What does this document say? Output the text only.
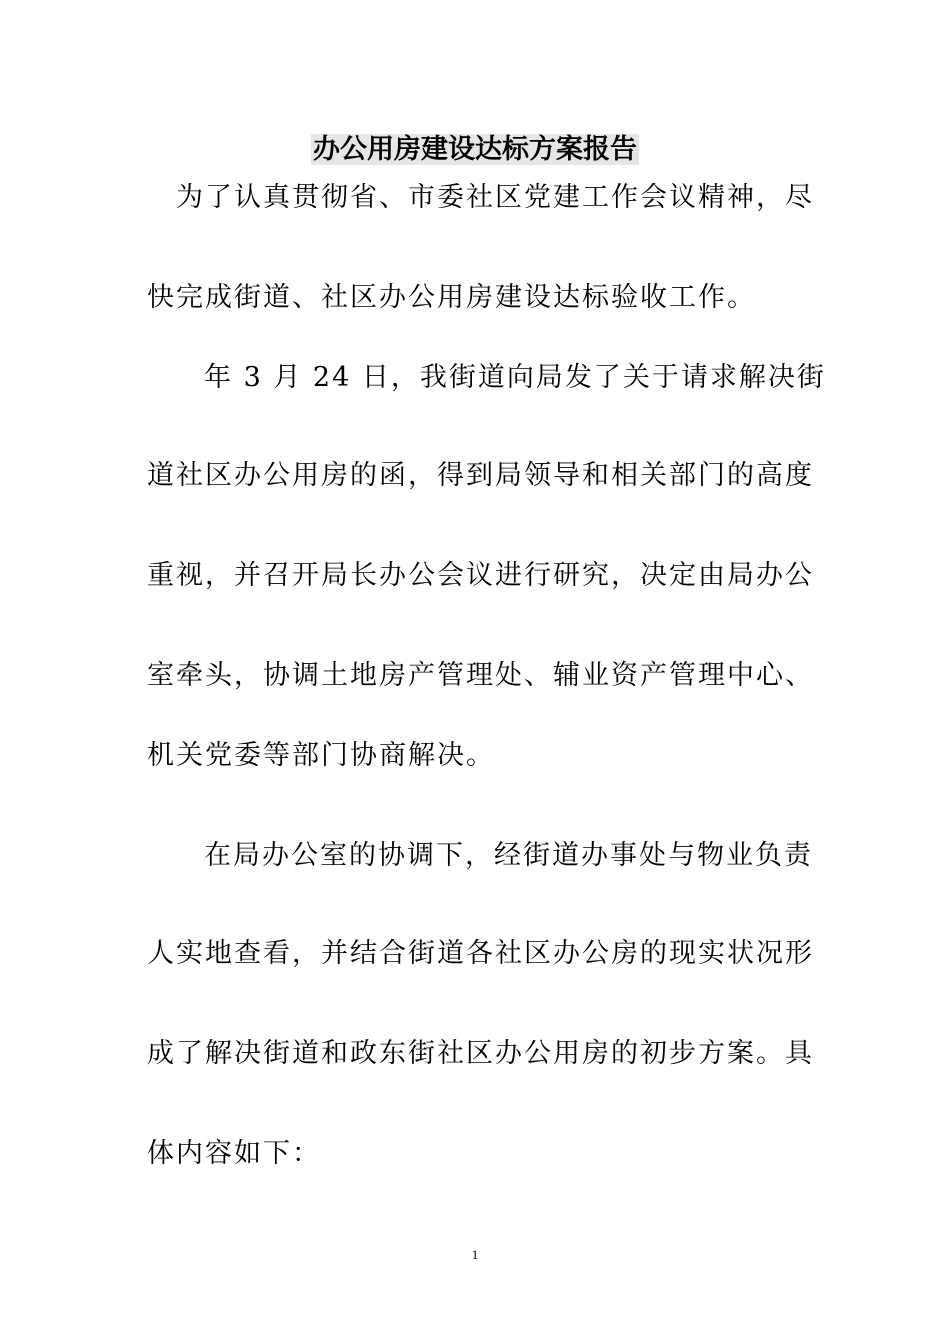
办公用房建设达标方案报告
为了认真贯彻省、市委社区党建工作会议精神，尽
快完成街道、社区办公用房建设达标验收工作。
年 3 月 24 日，我街道向局发了关于请求解决街
道社区办公用房的函，得到局领导和相关部门的高度
重视，并召开局长办公会议进行研究，决定由局办公
室牵头，协调土地房产管理处、辅业资产管理中心、
机关党委等部门协商解决。
在局办公室的协调下，经街道办事处与物业负责
人实地查看，并结合街道各社区办公房的现实状况形
成了解决街道和政东街社区办公用房的初步方案。具
体内容如下：
1
